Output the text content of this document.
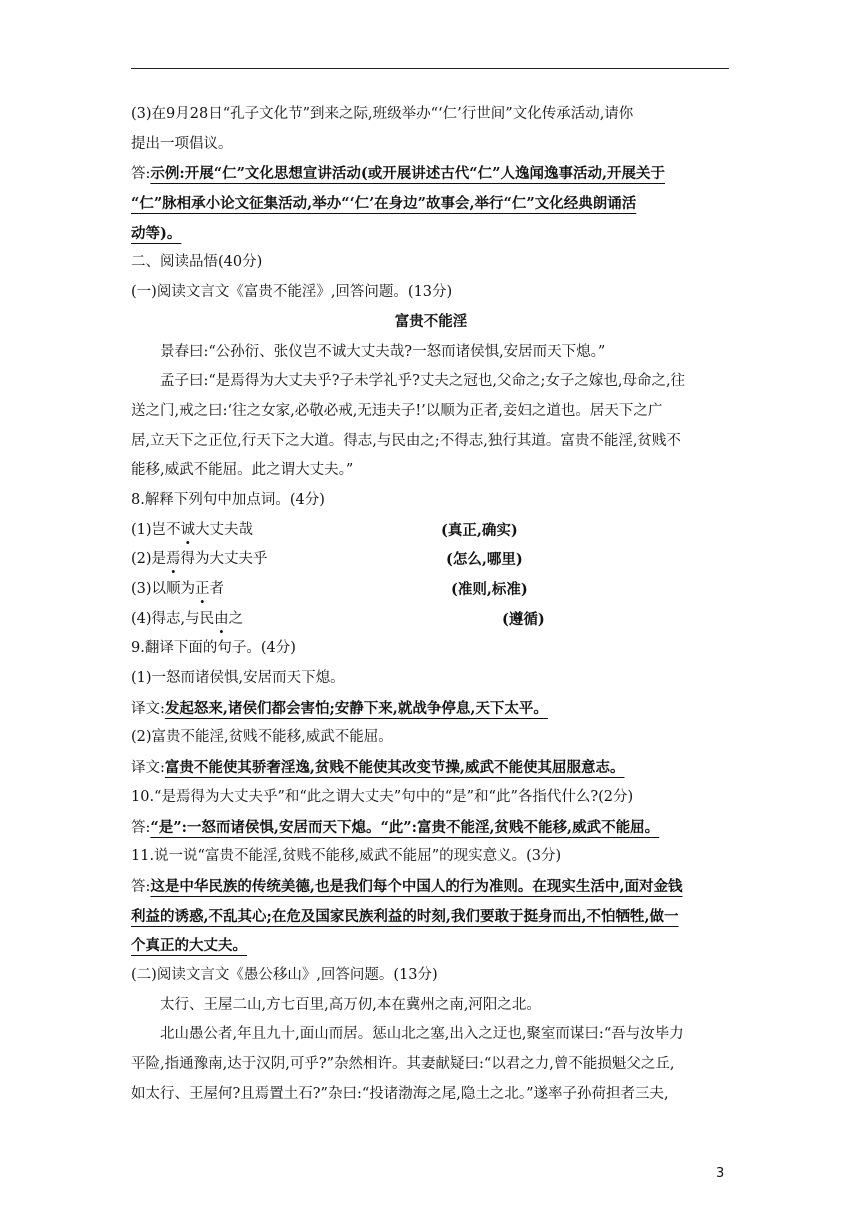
(3)在9月28日“孔子文化节”到来之际,班级举办“‘仁’行世间”文化传承活动,请你
提出一项倡议。
答:示例:开展“仁”文化思想宣讲活动(或开展讲述古代“仁”人逸闻逸事活动,开展关于
“仁”脉相承小论文征集活动,举办“‘仁’在身边”故事会,举行“仁”文化经典朗诵活
动等)。
二、阅读品悟(40分)
(一)阅读文言文《富贵不能淫》,回答问题。(13分)
富贵不能淫
景春曰:“公孙衍、张仪岂不诚大丈夫哉?一怒而诸侯惧,安居而天下熄。”
孟子曰:“是焉得为大丈夫乎?子未学礼乎?丈夫之冠也,父命之;女子之嫁也,母命之,往
送之门,戒之曰:‘往之女家,必敬必戒,无违夫子!’以顺为正者,妾妇之道也。居天下之广
居,立天下之正位,行天下之大道。得志,与民由之;不得志,独行其道。富贵不能淫,贫贱不
能移,威武不能屈。此之谓大丈夫。”
8.解释下列句中加点词。(4分)
(1)岂不诚大丈夫哉	(真正,确实)
(2)是焉得为大丈夫乎	(怎么,哪里)
(3)以顺为正者	(准则,标准)
(4)得志,与民由之	(遵循)
9.翻译下面的句子。(4分)
(1)一怒而诸侯惧,安居而天下熄。
译文:发起怒来,诸侯们都会害怕;安静下来,就战争停息,天下太平。
(2)富贵不能淫,贫贱不能移,威武不能屈。
译文:富贵不能使其骄奢淫逸,贫贱不能使其改变节操,威武不能使其屈服意志。
10.“是焉得为大丈夫乎”和“此之谓大丈夫”句中的“是”和“此”各指代什么?(2分)
答:“是”:一怒而诸侯惧,安居而天下熄。“此”:富贵不能淫,贫贱不能移,威武不能屈。
11.说一说“富贵不能淫,贫贱不能移,威武不能屈”的现实意义。(3分)
答:这是中华民族的传统美德,也是我们每个中国人的行为准则。在现实生活中,面对金钱
利益的诱惑,不乱其心;在危及国家民族利益的时刻,我们要敢于挺身而出,不怕牺牲,做一
个真正的大丈夫。
(二)阅读文言文《愚公移山》,回答问题。(13分)
太行、王屋二山,方七百里,高万仞,本在冀州之南,河阳之北。
北山愚公者,年且九十,面山而居。惩山北之塞,出入之迂也,聚室而谋曰:“吾与汝毕力
平险,指通豫南,达于汉阴,可乎?”杂然相许。其妻献疑曰:“以君之力,曾不能损魁父之丘,
如太行、王屋何?且焉置土石?”杂曰:“投诸渤海之尾,隐土之北。”遂率子孙荷担者三夫,
3
